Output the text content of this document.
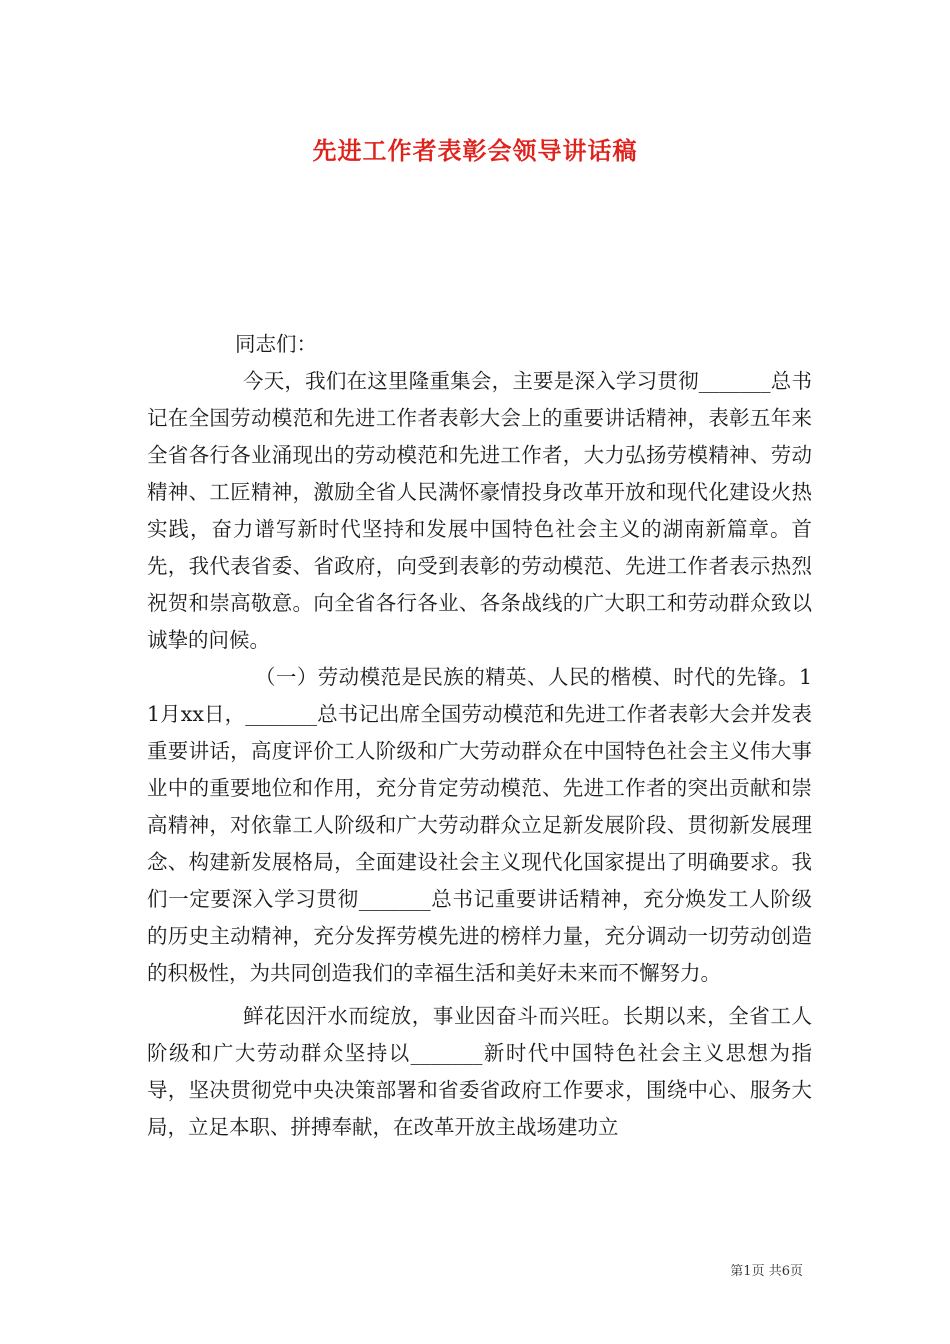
先进工作者表彰会领导讲话稿

同志们：

今天，我们在这里隆重集会，主要是深入学习贯彻_______总书记在全国劳动模范和先进工作者表彰大会上的重要讲话精神，表彰五年来全省各行各业涌现出的劳动模范和先进工作者，大力弘扬劳模精神、劳动精神、工匠精神，激励全省人民满怀豪情投身改革开放和现代化建设火热实践，奋力谱写新时代坚持和发展中国特色社会主义的湖南新篇章。首先，我代表省委、省政府，向受到表彰的劳动模范、先进工作者表示热烈祝贺和崇高敬意。向全省各行各业、各条战线的广大职工和劳动群众致以诚挚的问候。

（一）劳动模范是民族的精英、人民的楷模、时代的先锋。11月xx日，_______总书记出席全国劳动模范和先进工作者表彰大会并发表重要讲话，高度评价工人阶级和广大劳动群众在中国特色社会主义伟大事业中的重要地位和作用，充分肯定劳动模范、先进工作者的突出贡献和崇高精神，对依靠工人阶级和广大劳动群众立足新发展阶段、贯彻新发展理念、构建新发展格局，全面建设社会主义现代化国家提出了明确要求。我们一定要深入学习贯彻_______总书记重要讲话精神，充分焕发工人阶级的历史主动精神，充分发挥劳模先进的榜样力量，充分调动一切劳动创造的积极性，为共同创造我们的幸福生活和美好未来而不懈努力。

鲜花因汗水而绽放，事业因奋斗而兴旺。长期以来，全省工人阶级和广大劳动群众坚持以_______新时代中国特色社会主义思想为指导，坚决贯彻党中央决策部署和省委省政府工作要求，围绕中心、服务大局，立足本职、拼搏奉献，在改革开放主战场建功立

第1页 共6页
